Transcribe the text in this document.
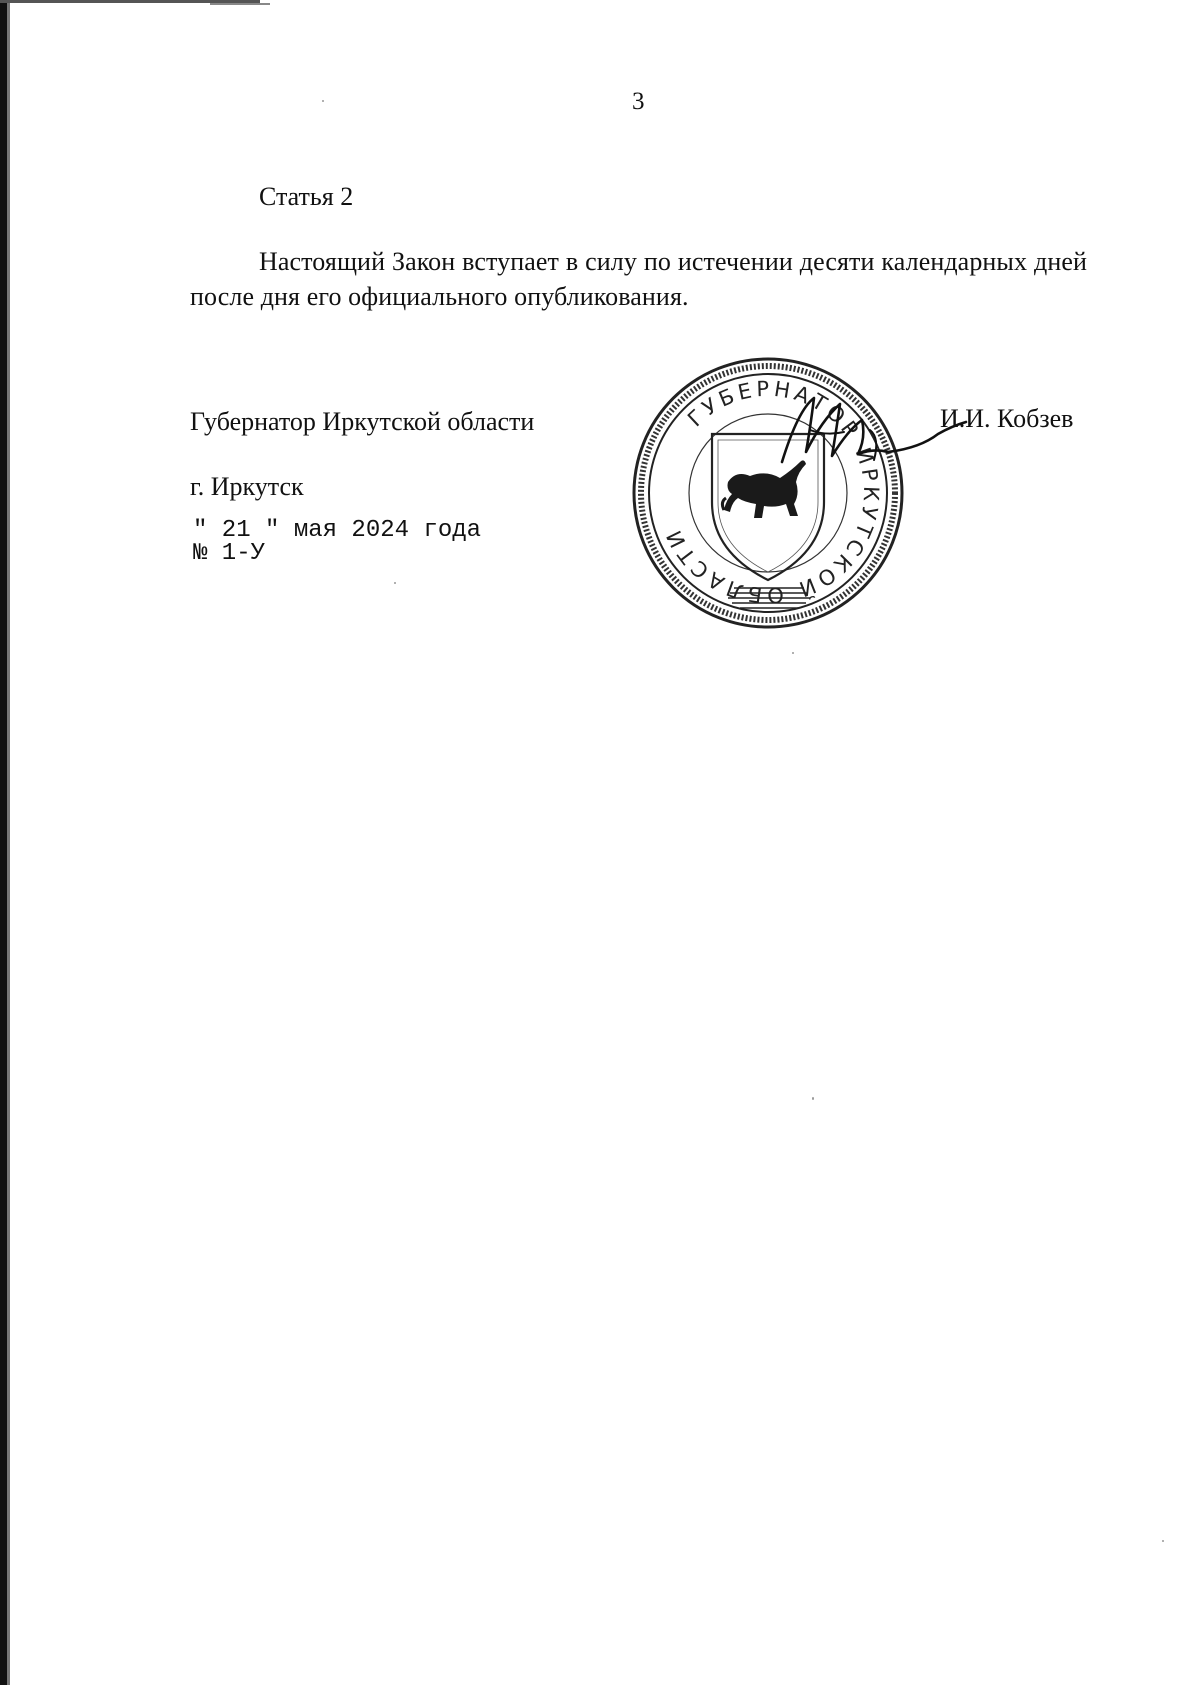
3
Статья 2
Настоящий Закон вступает в силу по истечении десяти календарных дней после дня его официального опубликования.
Губернатор Иркутской области	ГУБЕРНАТОР ИРКУТСКОЙ ОБЛАСТИ
И.И. Кобзев
г. Иркутск
" 21 " мая 2024 года
№ 1-У
